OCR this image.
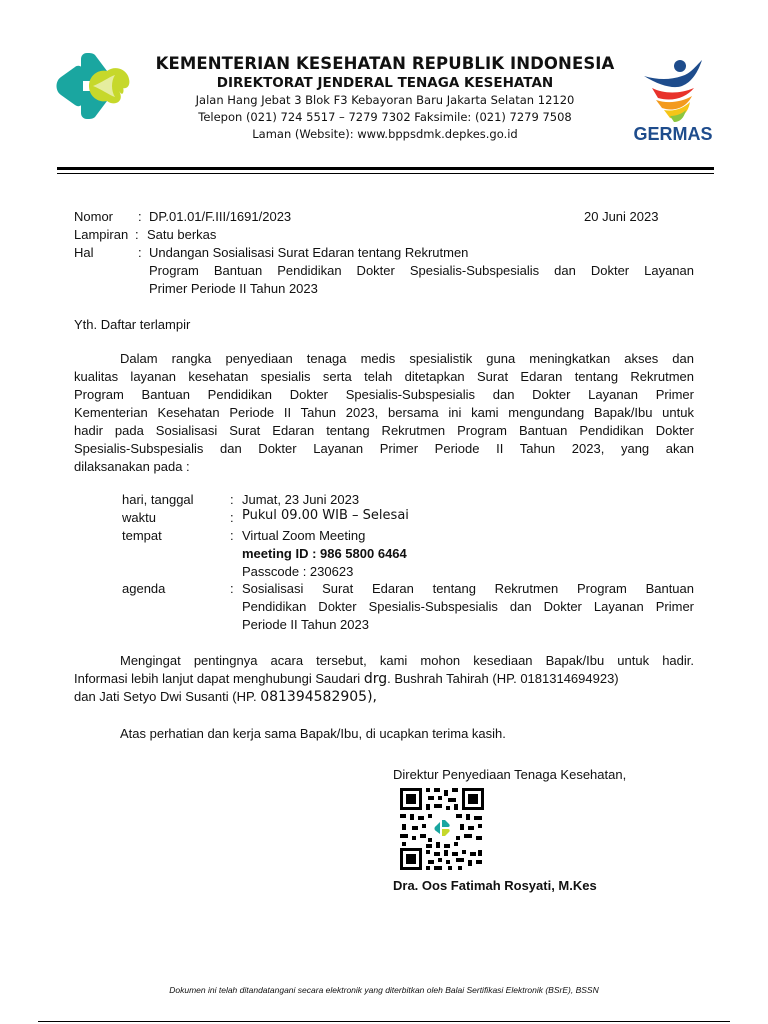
KEMENTERIAN KESEHATAN REPUBLIK INDONESIA
DIREKTORAT JENDERAL TENAGA KESEHATAN
Jalan Hang Jebat 3 Blok F3 Kebayoran Baru Jakarta Selatan 12120
Telepon (021) 724 5517 – 7279 7302 Faksimile: (021) 7279 7508
Laman (Website): www.bppsdmk.depkes.go.id	GERMAS
Nomor : DP.01.01/F.III/1691/2023	20 Juni 2023
Lampiran : Satu berkas
Hal	: Undangan Sosialisasi Surat Edaran tentang Rekrutmen
Program Bantuan Pendidikan Dokter Spesialis-Subspesialis dan Dokter Layanan
Primer Periode II Tahun 2023
Yth. Daftar terlampir
Dalam rangka penyediaan tenaga medis spesialistik guna meningkatkan akses dan
kualitas layanan kesehatan spesialis serta telah ditetapkan Surat Edaran tentang Rekrutmen
Program Bantuan Pendidikan Dokter Spesialis-Subspesialis dan Dokter Layanan Primer
Kementerian Kesehatan Periode II Tahun 2023, bersama ini kami mengundang Bapak/Ibu untuk
hadir pada Sosialisasi Surat Edaran tentang Rekrutmen Program Bantuan Pendidikan Dokter
Spesialis-Subspesialis dan Dokter Layanan Primer Periode II Tahun 2023, yang akan
dilaksanakan pada :
hari, tanggal	: Jumat, 23 Juni 2023
waktu	: Pukul 09.00 WIB – Selesai
tempat	: Virtual Zoom Meeting
meeting ID : 986 5800 6464
Passcode : 230623
agenda	: Sosialisasi Surat Edaran tentang Rekrutmen Program Bantuan
Pendidikan Dokter Spesialis-Subspesialis dan Dokter Layanan Primer
Periode II Tahun 2023
Mengingat pentingnya acara tersebut, kami mohon kesediaan Bapak/Ibu untuk hadir.
Informasi lebih lanjut dapat menghubungi Saudari drg. Bushrah Tahirah (HP. 0181314694923)
dan Jati Setyo Dwi Susanti (HP. 081394582905),
Atas perhatian dan kerja sama Bapak/Ibu, di ucapkan terima kasih.
Direktur Penyediaan Tenaga Kesehatan,
Dra. Oos Fatimah Rosyati, M.Kes
Dokumen ini telah ditandatangani secara elektronik yang diterbitkan oleh Balai Sertifikasi Elektronik (BSrE), BSSN
